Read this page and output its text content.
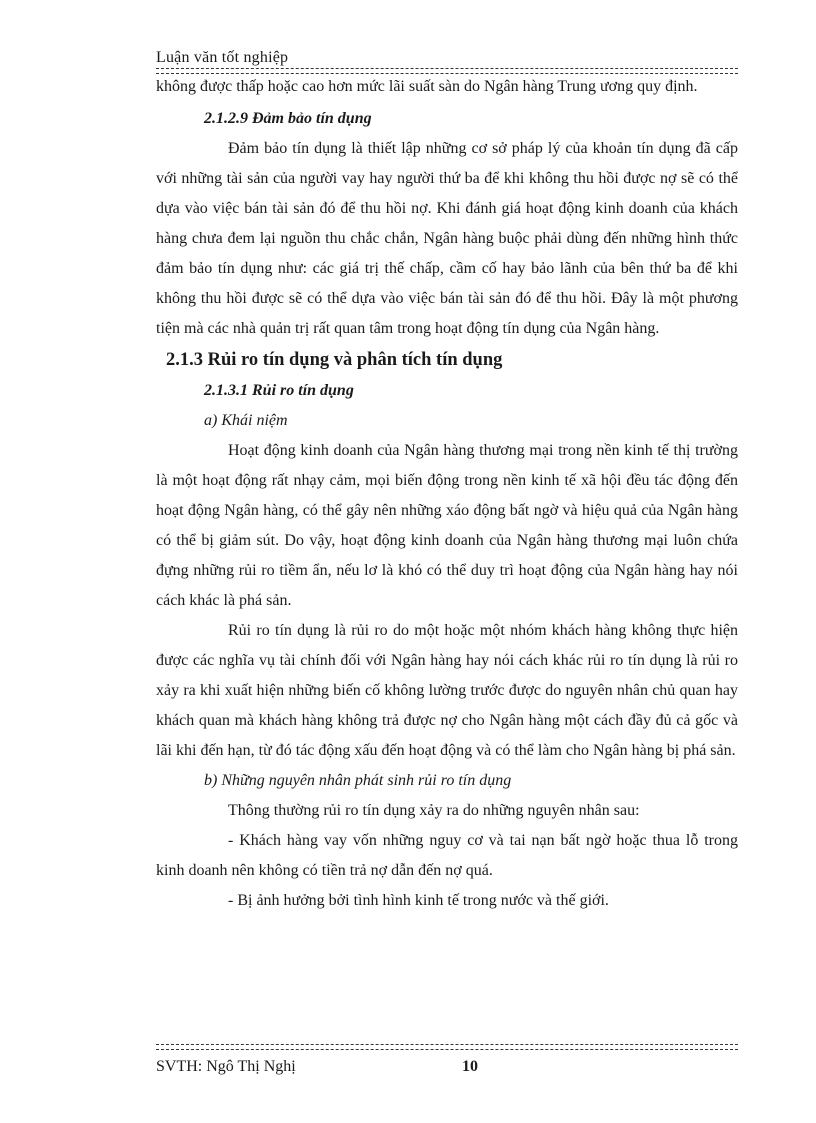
Luận văn tốt nghiệp

không được thấp hoặc cao hơn mức lãi suất sàn do Ngân hàng Trung ương quy định.

2.1.2.9 Đảm bảo tín dụng

Đảm bảo tín dụng là thiết lập những cơ sở pháp lý của khoản tín dụng đã cấp với những tài sản của người vay hay người thứ ba để khi không thu hồi được nợ sẽ có thể dựa vào việc bán tài sản đó để thu hồi nợ. Khi đánh giá hoạt động kinh doanh của khách hàng chưa đem lại nguồn thu chắc chắn, Ngân hàng buộc phải dùng đến những hình thức đảm bảo tín dụng như: các giá trị thế chấp, cầm cố hay bảo lãnh của bên thứ ba để khi không thu hồi được sẽ có thể dựa vào việc bán tài sản đó để thu hồi. Đây là một phương tiện mà các nhà quản trị rất quan tâm trong hoạt động tín dụng của Ngân hàng.

2.1.3 Rủi ro tín dụng và phân tích tín dụng

2.1.3.1 Rủi ro tín dụng

a) Khái niệm

Hoạt động kinh doanh của Ngân hàng thương mại trong nền kinh tế thị trường là một hoạt động rất nhạy cảm, mọi biến động trong nền kinh tế xã hội đều tác động đến hoạt động Ngân hàng, có thể gây nên những xáo động bất ngờ và hiệu quả của Ngân hàng có thể bị giảm sút. Do vậy, hoạt động kinh doanh của Ngân hàng thương mại luôn chứa đựng những rủi ro tiềm ẩn, nếu lơ là khó có thể duy trì hoạt động của Ngân hàng hay nói cách khác là phá sản.

Rủi ro tín dụng là rủi ro do một hoặc một nhóm khách hàng không thực hiện được các nghĩa vụ tài chính đối với Ngân hàng hay nói cách khác rủi ro tín dụng là rủi ro xảy ra khi xuất hiện những biến cố không lường trước được do nguyên nhân chủ quan hay khách quan mà khách hàng không trả được nợ cho Ngân hàng một cách đầy đủ cả gốc và lãi khi đến hạn, từ đó tác động xấu đến hoạt động và có thể làm cho Ngân hàng bị phá sản.

b) Những nguyên nhân phát sinh rủi ro tín dụng

Thông thường rủi ro tín dụng xảy ra do những nguyên nhân sau:

- Khách hàng vay vốn những nguy cơ và tai nạn bất ngờ hoặc thua lỗ trong kinh doanh nên không có tiền trả nợ dẫn đến nợ quá.

- Bị ảnh hưởng bởi tình hình kinh tế trong nước và thế giới.

SVTH: Ngô Thị Nghị	10
